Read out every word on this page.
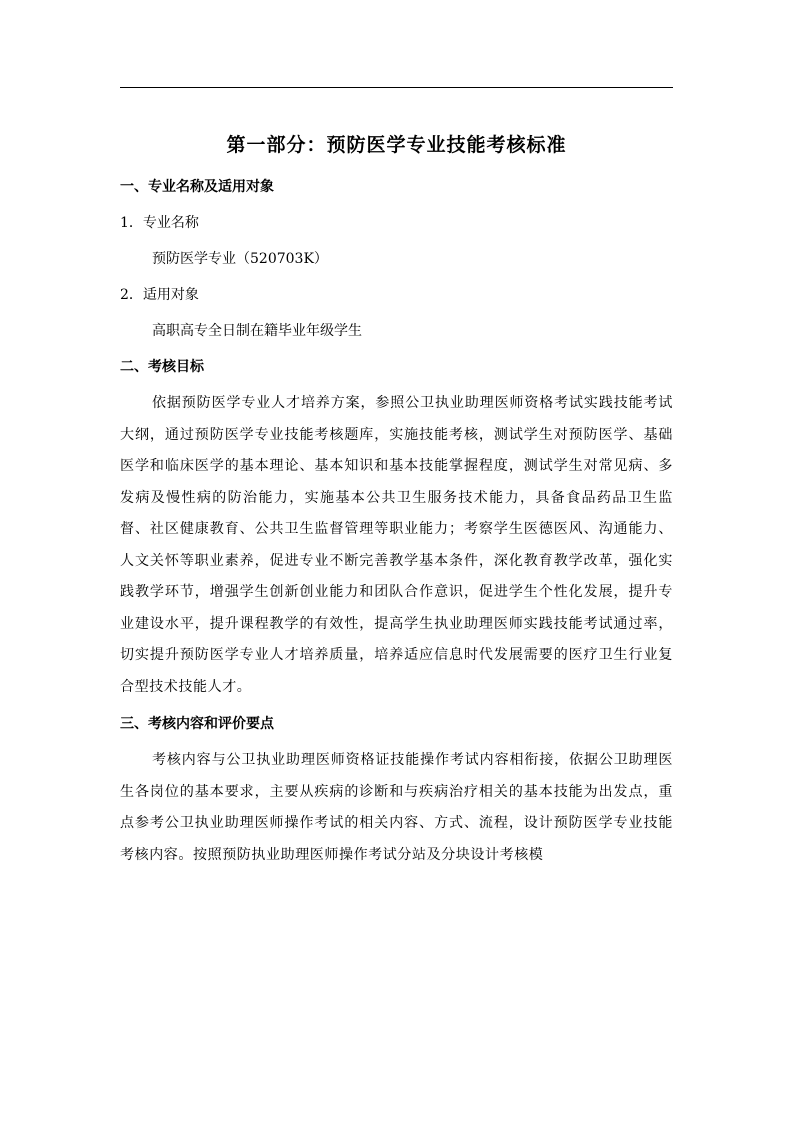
第一部分：预防医学专业技能考核标准
一、专业名称及适用对象
1．专业名称
预防医学专业（520703K）
2．适用对象
高职高专全日制在籍毕业年级学生
二、考核目标
依据预防医学专业人才培养方案，参照公卫执业助理医师资格考试实践技能考试大纲，通过预防医学专业技能考核题库，实施技能考核，测试学生对预防医学、基础医学和临床医学的基本理论、基本知识和基本技能掌握程度，测试学生对常见病、多发病及慢性病的防治能力，实施基本公共卫生服务技术能力，具备食品药品卫生监督、社区健康教育、公共卫生监督管理等职业能力；考察学生医德医风、沟通能力、人文关怀等职业素养，促进专业不断完善教学基本条件，深化教育教学改革，强化实践教学环节，增强学生创新创业能力和团队合作意识，促进学生个性化发展，提升专业建设水平，提升课程教学的有效性，提高学生执业助理医师实践技能考试通过率，切实提升预防医学专业人才培养质量，培养适应信息时代发展需要的医疗卫生行业复合型技术技能人才。
三、考核内容和评价要点
考核内容与公卫执业助理医师资格证技能操作考试内容相衔接，依据公卫助理医生各岗位的基本要求，主要从疾病的诊断和与疾病治疗相关的基本技能为出发点，重点参考公卫执业助理医师操作考试的相关内容、方式、流程，设计预防医学专业技能考核内容。按照预防执业助理医师操作考试分站及分块设计考核模
